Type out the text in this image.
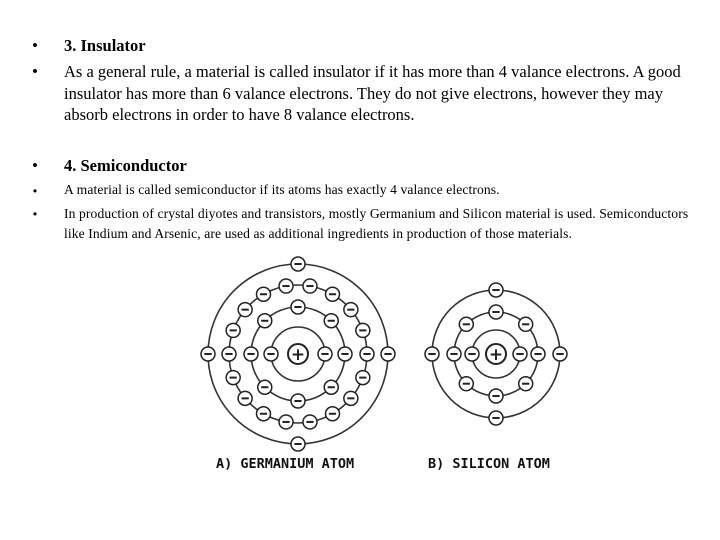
• 3. Insulator
• As a general rule, a material is called insulator if it has more than 4 valance electrons. A good insulator has more than 6 valance electrons. They do not give electrons, however they may absorb electrons in order to have 8 valance electrons.
• 4. Semiconductor
• A material is called semiconductor if its atoms has exactly 4 valance electrons.
• In production of crystal diyotes and transistors, mostly Germanium and Silicon material is used. Semiconductors like Indium and Arsenic, are used as additional ingredients in production of those materials.
+	+
A) GERMANIUM ATOM	B) SILICON ATOM
